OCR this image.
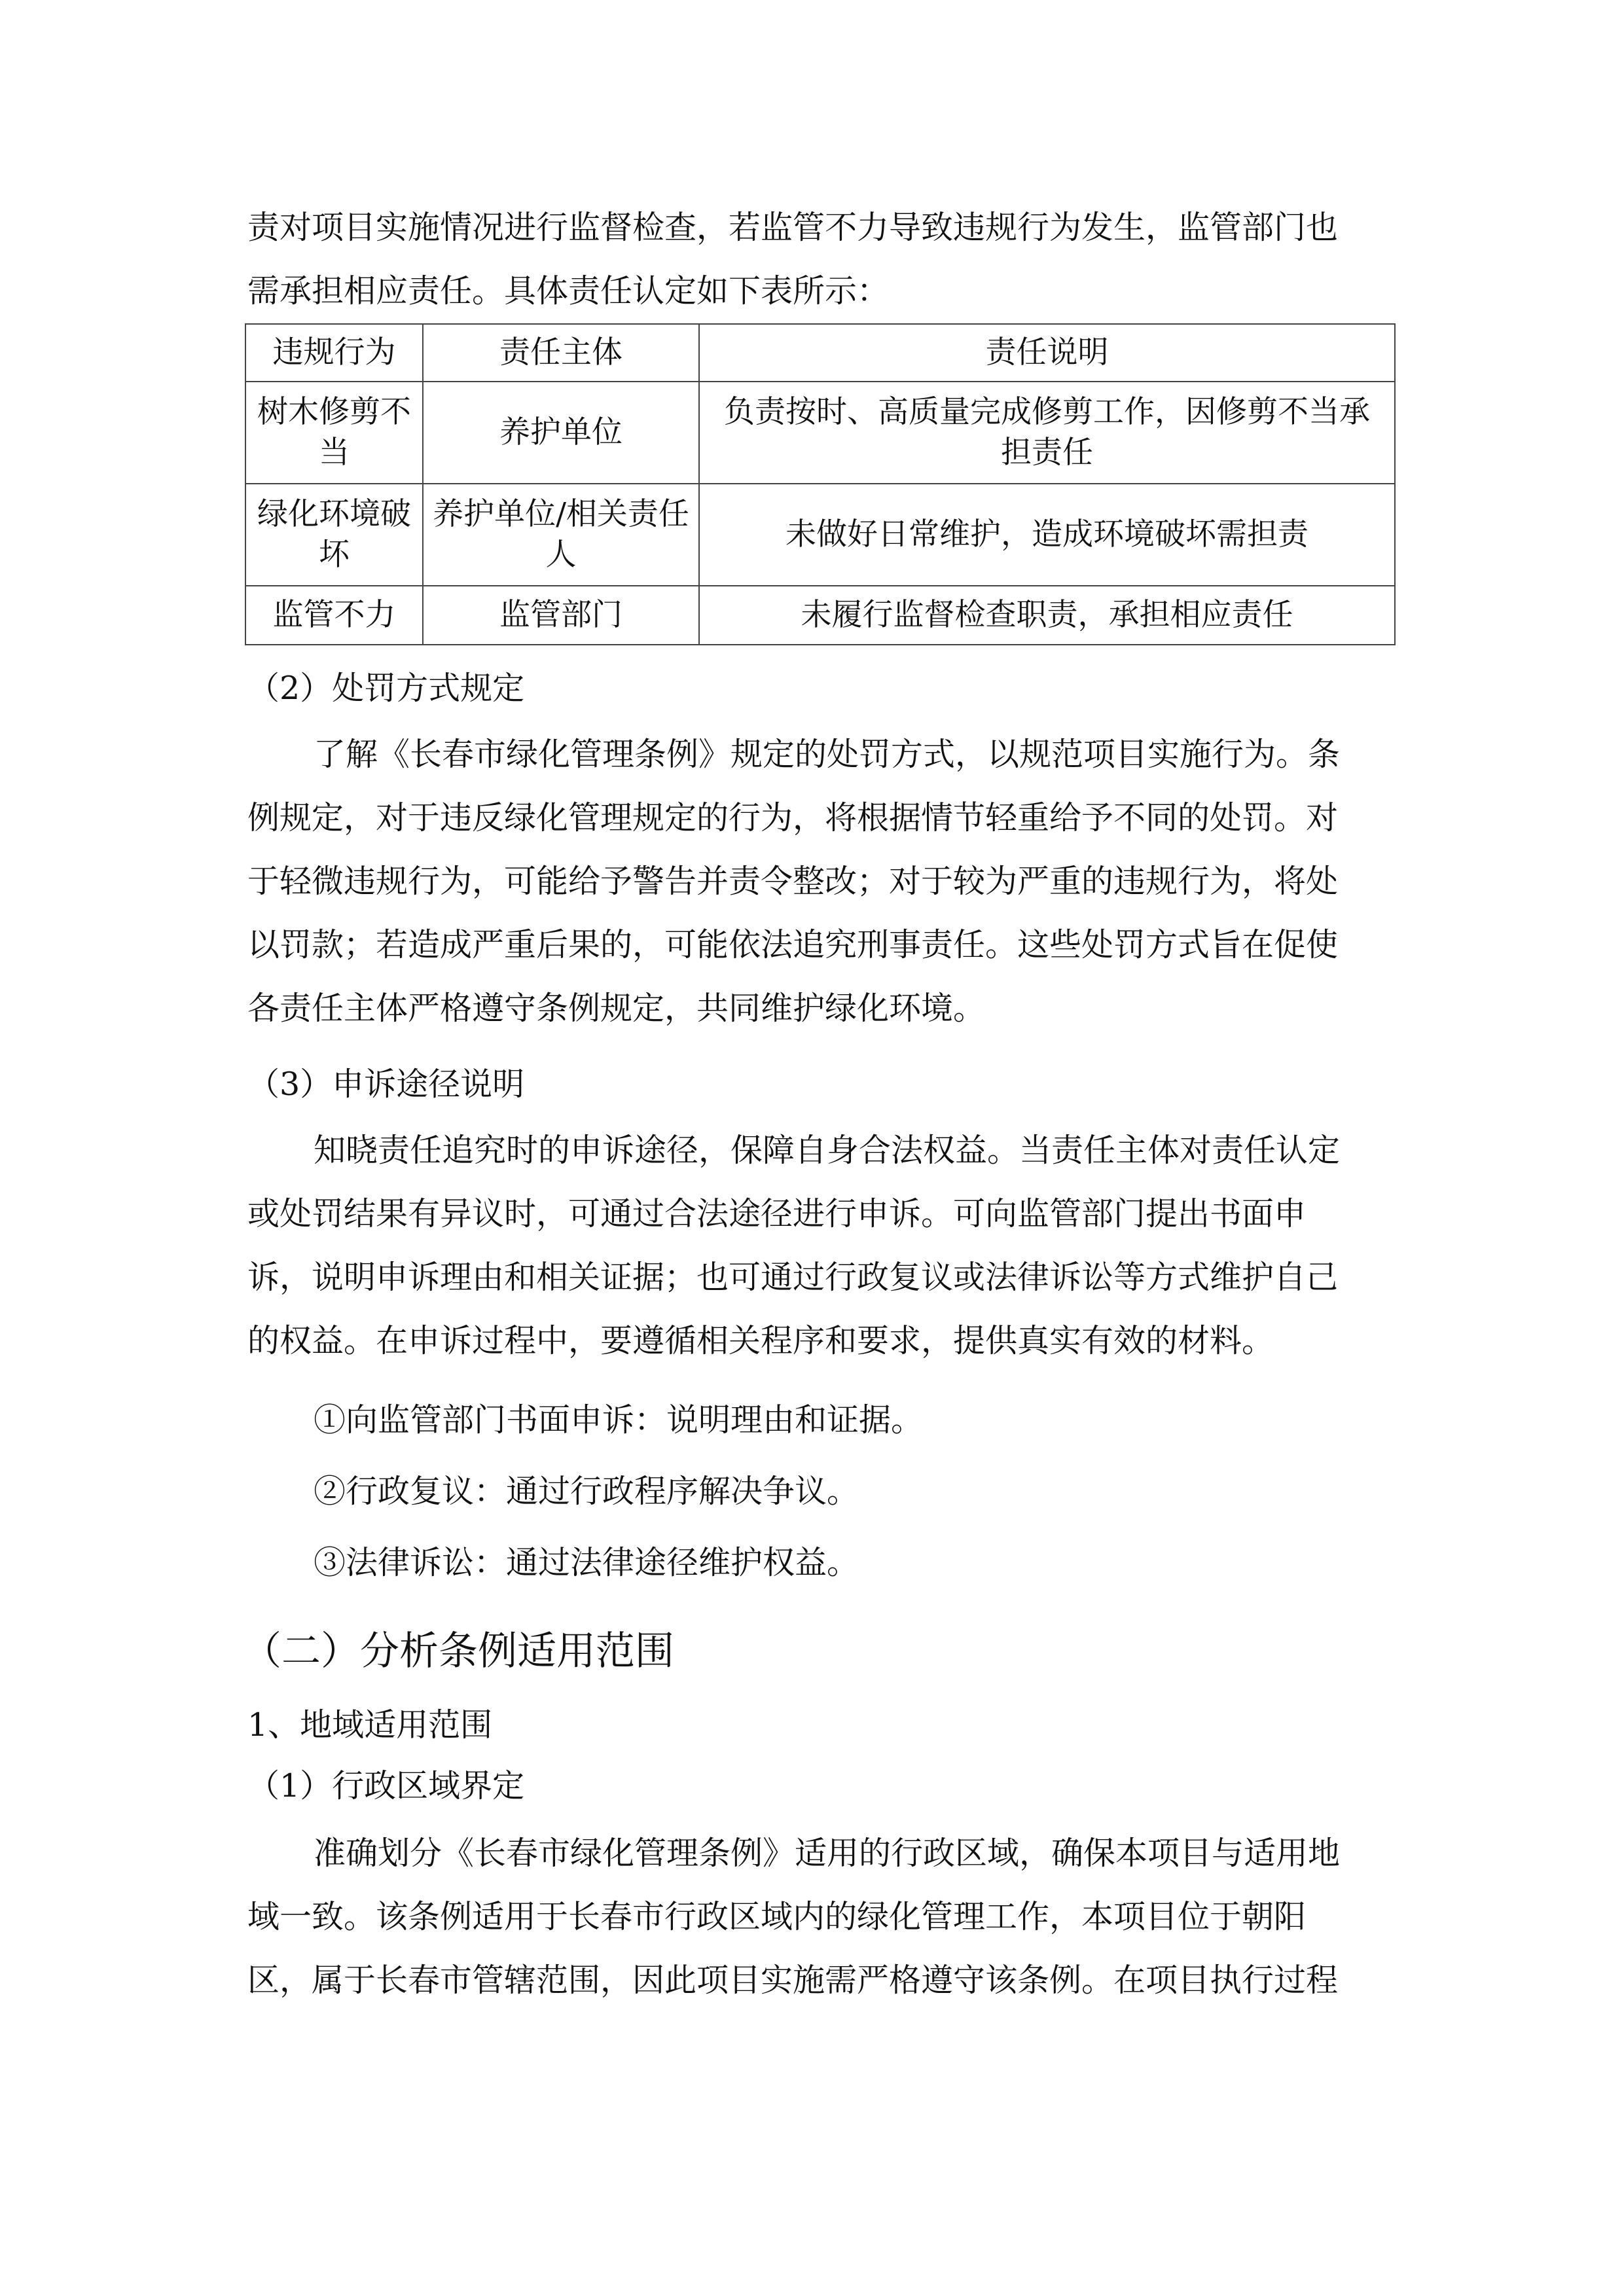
责对项目实施情况进行监督检查，若监管不力导致违规行为发生，监管部门也
需承担相应责任。具体责任认定如下表所示：
违规行为	责任主体	责任说明
树木修剪不当	养护单位	负责按时、高质量完成修剪工作，因修剪不当承担责任
绿化环境破坏	养护单位/相关责任人	未做好日常维护，造成环境破坏需担责
监管不力	监管部门	未履行监督检查职责，承担相应责任
（2）处罚方式规定
了解《长春市绿化管理条例》规定的处罚方式，以规范项目实施行为。条
例规定，对于违反绿化管理规定的行为，将根据情节轻重给予不同的处罚。对
于轻微违规行为，可能给予警告并责令整改；对于较为严重的违规行为，将处
以罚款；若造成严重后果的，可能依法追究刑事责任。这些处罚方式旨在促使
各责任主体严格遵守条例规定，共同维护绿化环境。
（3）申诉途径说明
知晓责任追究时的申诉途径，保障自身合法权益。当责任主体对责任认定
或处罚结果有异议时，可通过合法途径进行申诉。可向监管部门提出书面申
诉，说明申诉理由和相关证据；也可通过行政复议或法律诉讼等方式维护自己
的权益。在申诉过程中，要遵循相关程序和要求，提供真实有效的材料。
①向监管部门书面申诉：说明理由和证据。
②行政复议：通过行政程序解决争议。
③法律诉讼：通过法律途径维护权益。
（二）分析条例适用范围
1、地域适用范围
（1）行政区域界定
准确划分《长春市绿化管理条例》适用的行政区域，确保本项目与适用地
域一致。该条例适用于长春市行政区域内的绿化管理工作，本项目位于朝阳
区，属于长春市管辖范围，因此项目实施需严格遵守该条例。在项目执行过程
